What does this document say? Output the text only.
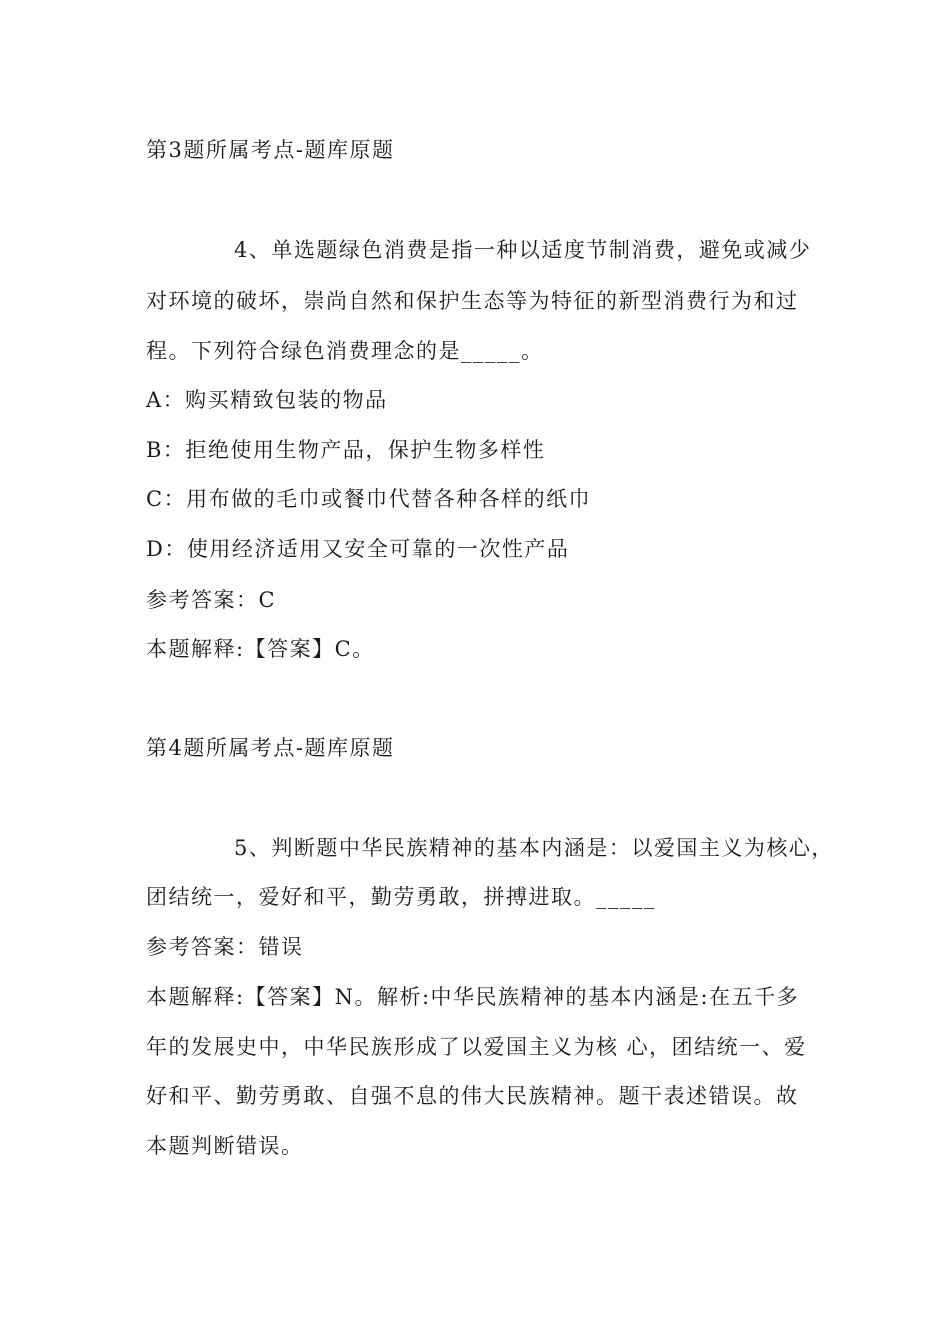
第3题所属考点-题库原题
4、单选题绿色消费是指一种以适度节制消费，避免或减少
对环境的破坏，崇尚自然和保护生态等为特征的新型消费行为和过
程。下列符合绿色消费理念的是_____。
A：购买精致包装的物品
B：拒绝使用生物产品，保护生物多样性
C：用布做的毛巾或餐巾代替各种各样的纸巾
D：使用经济适用又安全可靠的一次性产品
参考答案：C
本题解释:【答案】C。
第4题所属考点-题库原题
5、判断题中华民族精神的基本内涵是：以爱国主义为核心，
团结统一，爱好和平，勤劳勇敢，拼搏进取。_____
参考答案：错误
本题解释:【答案】N。解析:中华民族精神的基本内涵是:在五千多
年的发展史中，中华民族形成了以爱国主义为核 心，团结统一、爱
好和平、勤劳勇敢、自强不息的伟大民族精神。题干表述错误。故
本题判断错误。
